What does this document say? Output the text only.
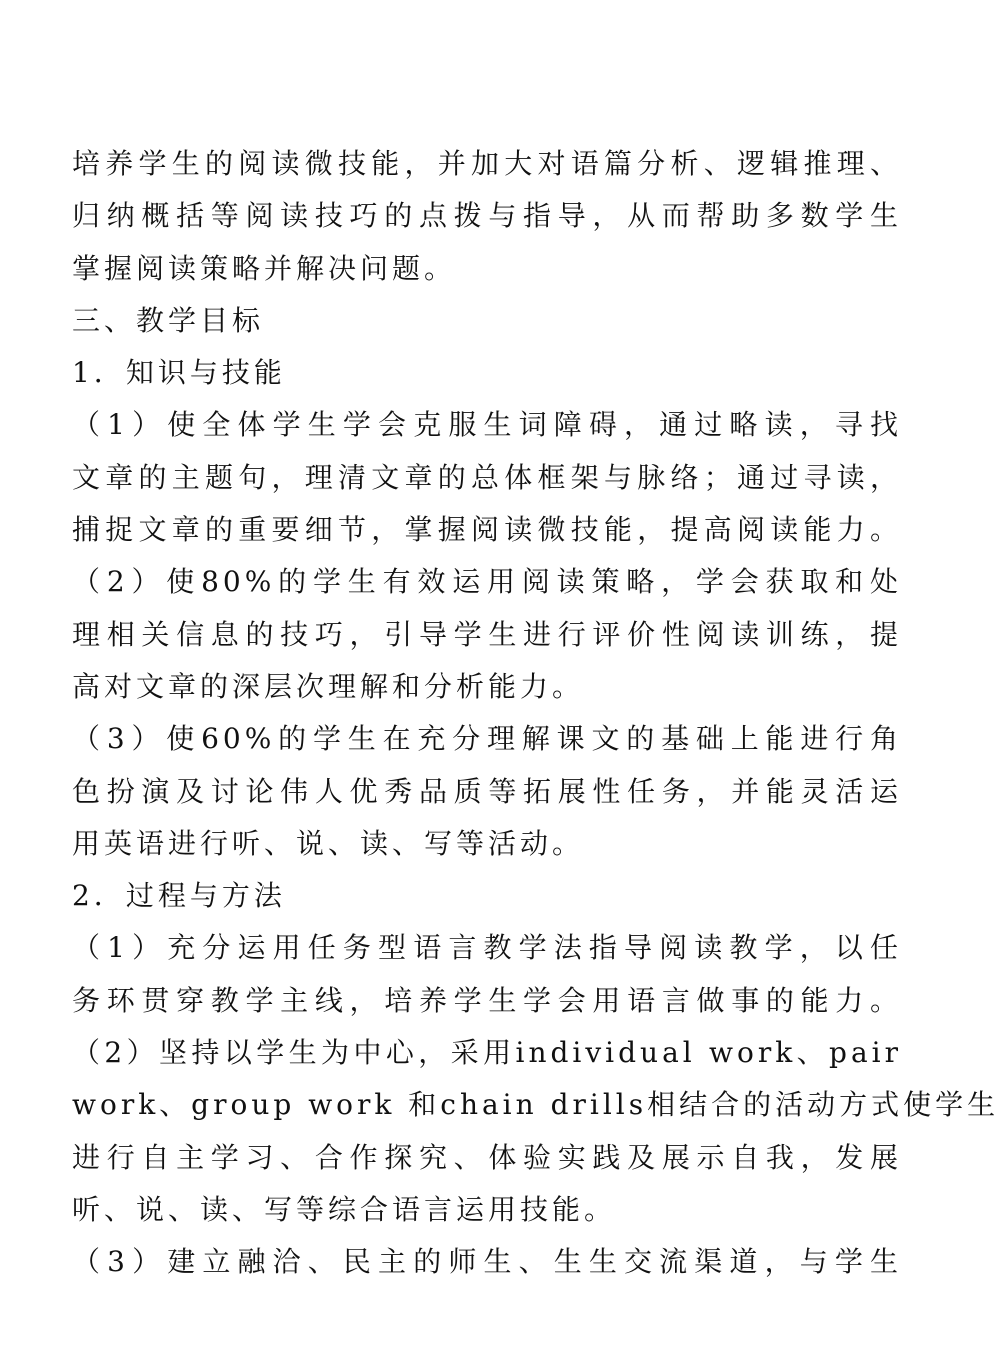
培养学生的阅读微技能，并加大对语篇分析、逻辑推理、
归纳概括等阅读技巧的点拨与指导，从而帮助多数学生
掌握阅读策略并解决问题。
三、教学目标
1．知识与技能
（1）使全体学生学会克服生词障碍，通过略读，寻找
文章的主题句，理清文章的总体框架与脉络；通过寻读，
捕捉文章的重要细节，掌握阅读微技能，提高阅读能力。
（2）使80%的学生有效运用阅读策略，学会获取和处
理相关信息的技巧，引导学生进行评价性阅读训练，提
高对文章的深层次理解和分析能力。
（3）使60%的学生在充分理解课文的基础上能进行角
色扮演及讨论伟人优秀品质等拓展性任务，并能灵活运
用英语进行听、说、读、写等活动。
2．过程与方法
（1）充分运用任务型语言教学法指导阅读教学，以任
务环贯穿教学主线，培养学生学会用语言做事的能力。
（2）坚持以学生为中心，采用individual work、pair
work、group work 和chain drills相结合的活动方式使学生
进行自主学习、合作探究、体验实践及展示自我，发展
听、说、读、写等综合语言运用技能。
（3）建立融洽、民主的师生、生生交流渠道，与学生
